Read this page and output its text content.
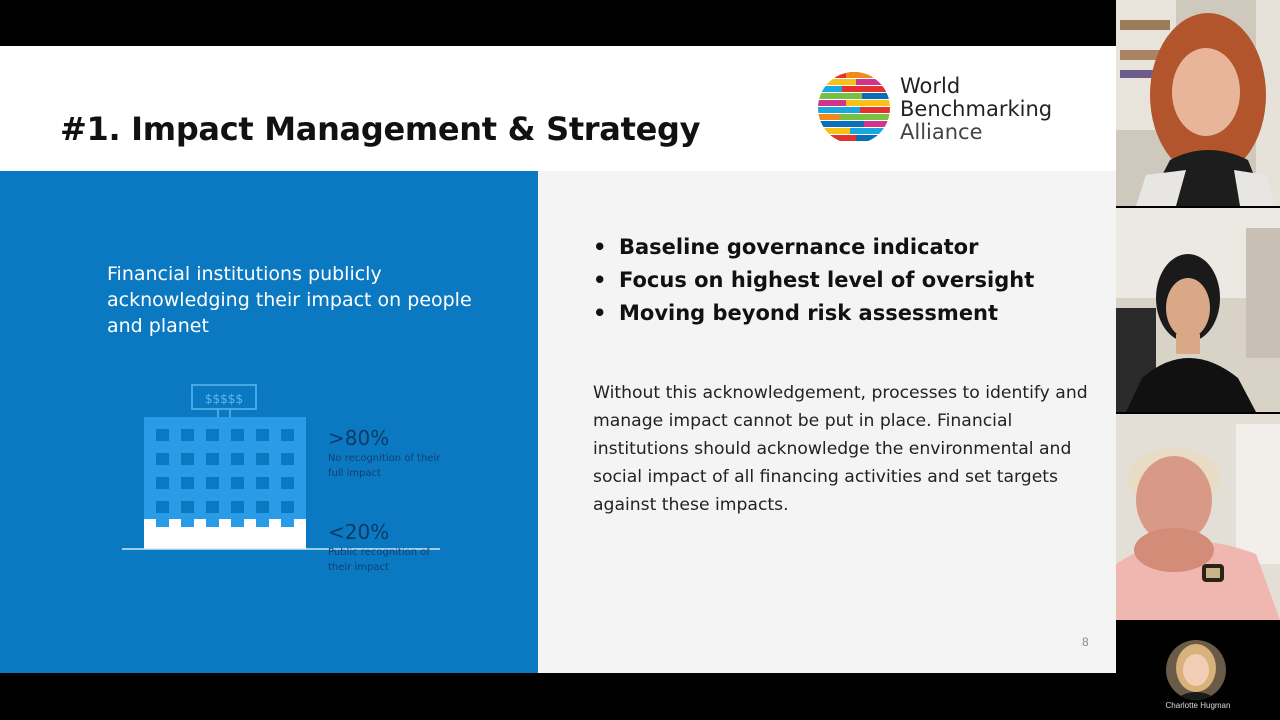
#1. Impact Management & Strategy
World
Benchmarking
Alliance
Financial institutions publicly acknowledging their impact on people and planet
$$$$$
>80%
No recognition of their full impact
<20%
Public recognition of their impact
• Baseline governance indicator
• Focus on highest level of oversight
• Moving beyond risk assessment
Without this acknowledgement, processes to identify and manage impact cannot be put in place. Financial institutions should acknowledge the environmental and social impact of all financing activities and set targets against these impacts.
8
Charlotte Hugman
